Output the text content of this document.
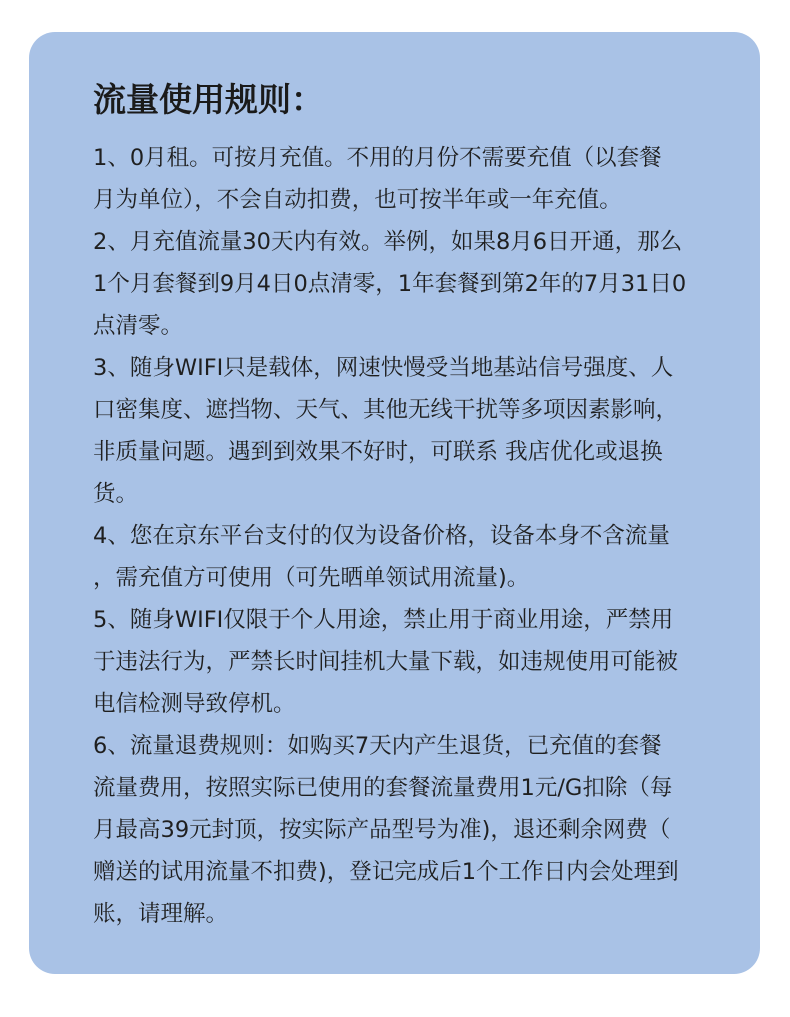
流量使用规则：
1、0月租。可按月充值。不用的月份不需要充值（以套餐
月为单位），不会自动扣费，也可按半年或一年充值。
2、月充值流量30天内有效。举例，如果8月6日开通，那么
1个月套餐到9月4日0点清零，1年套餐到第2年的7月31日0
点清零。
3、随身WIFI只是载体，网速快慢受当地基站信号强度、人
口密集度、遮挡物、天气、其他无线干扰等多项因素影响，
非质量问题。遇到到效果不好时，可联系 我店优化或退换
货。
4、您在京东平台支付的仅为设备价格，设备本身不含流量
，需充值方可使用（可先晒单领试用流量)。
5、随身WIFI仅限于个人用途，禁止用于商业用途，严禁用
于违法行为，严禁长时间挂机大量下载，如违规使用可能被
电信检测导致停机。
6、流量退费规则：如购买7天内产生退货，已充值的套餐
流量费用，按照实际已使用的套餐流量费用1元/G扣除（每
月最高39元封顶，按实际产品型号为准)，退还剩余网费（
赠送的试用流量不扣费)，登记完成后1个工作日内会处理到
账，请理解。
